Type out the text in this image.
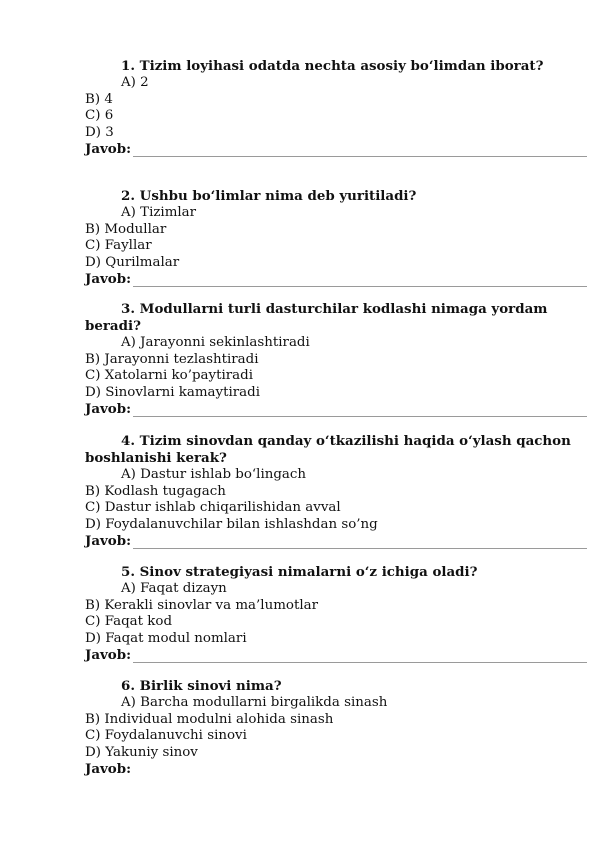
1. Tizim loyihasi odatda nechta asosiy bo‘limdan iborat?
A) 2
B) 4
C) 6
D) 3
Javob:
2. Ushbu bo‘limlar nima deb yuritiladi?
A) Tizimlar
B) Modullar
C) Fayllar
D) Qurilmalar
Javob:
3. Modullarni turli dasturchilar kodlashi nimaga yordam beradi?
A) Jarayonni sekinlashtiradi
B) Jarayonni tezlashtiradi
C) Xatolarni ko’paytiradi
D) Sinovlarni kamaytiradi
Javob:
4. Tizim sinovdan qanday o‘tkazilishi haqida o‘ylash qachon boshlanishi kerak?
A) Dastur ishlab bo‘lingach
B) Kodlash tugagach
C) Dastur ishlab chiqarilishidan avval
D) Foydalanuvchilar bilan ishlashdan so’ng
Javob:
5. Sinov strategiyasi nimalarni o‘z ichiga oladi?
A) Faqat dizayn
B) Kerakli sinovlar va ma’lumotlar
C) Faqat kod
D) Faqat modul nomlari
Javob:
6. Birlik sinovi nima?
A) Barcha modullarni birgalikda sinash
B) Individual modulni alohida sinash
C) Foydalanuvchi sinovi
D) Yakuniy sinov
Javob:
